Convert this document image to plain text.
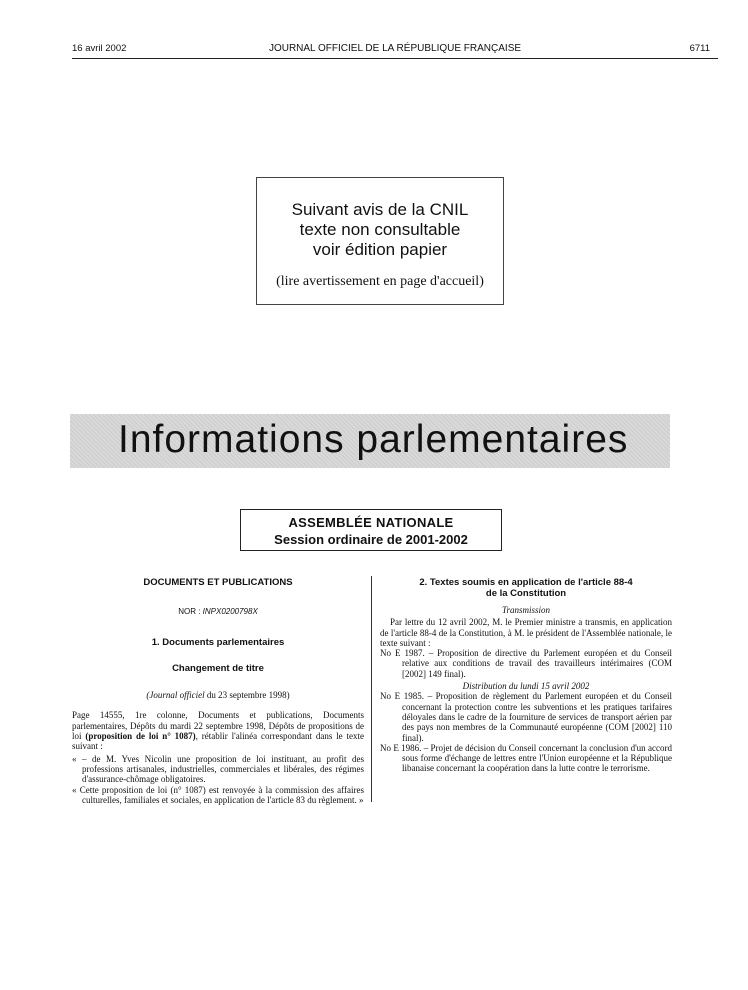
16 avril 2002	JOURNAL OFFICIEL DE LA RÉPUBLIQUE FRANÇAISE	6711
Suivant avis de la CNIL
texte non consultable
voir édition papier
(lire avertissement en page d'accueil)
Informations parlementaires
ASSEMBLÉE NATIONALE
Session ordinaire de 2001-2002

DOCUMENTS ET PUBLICATIONS

NOR : INPX0200798X

1. Documents parlementaires

Changement de titre

(Journal officiel du 23 septembre 1998)

Page 14555, 1re colonne, Documents et publications, Documents parlementaires, Dépôts du mardi 22 septembre 1998, Dépôts de propositions de loi (proposition de loi n° 1087), rétablir l'alinéa correspondant dans le texte suivant :

« – de M. Yves Nicolin une proposition de loi instituant, au profit des professions artisanales, industrielles, commerciales et libérales, des régimes d'assurance-chômage obligatoires.

« Cette proposition de loi (n° 1087) est renvoyée à la commission des affaires culturelles, familiales et sociales, en application de l'article 83 du règlement. »

2. Textes soumis en application de l'article 88-4
de la Constitution

Transmission

Par lettre du 12 avril 2002, M. le Premier ministre a transmis, en application de l'article 88-4 de la Constitution, à M. le président de l'Assemblée nationale, le texte suivant :

No E 1987. – Proposition de directive du Parlement européen et du Conseil relative aux conditions de travail des travailleurs intérimaires (COM [2002] 149 final).

Distribution du lundi 15 avril 2002

No E 1985. – Proposition de règlement du Parlement européen et du Conseil concernant la protection contre les subventions et les pratiques tarifaires déloyales dans le cadre de la fourniture de services de transport aérien par des pays non membres de la Communauté européenne (COM [2002] 110 final).

No E 1986. – Projet de décision du Conseil concernant la conclusion d'un accord sous forme d'échange de lettres entre l'Union européenne et la République libanaise concernant la coopération dans la lutte contre le terrorisme.
